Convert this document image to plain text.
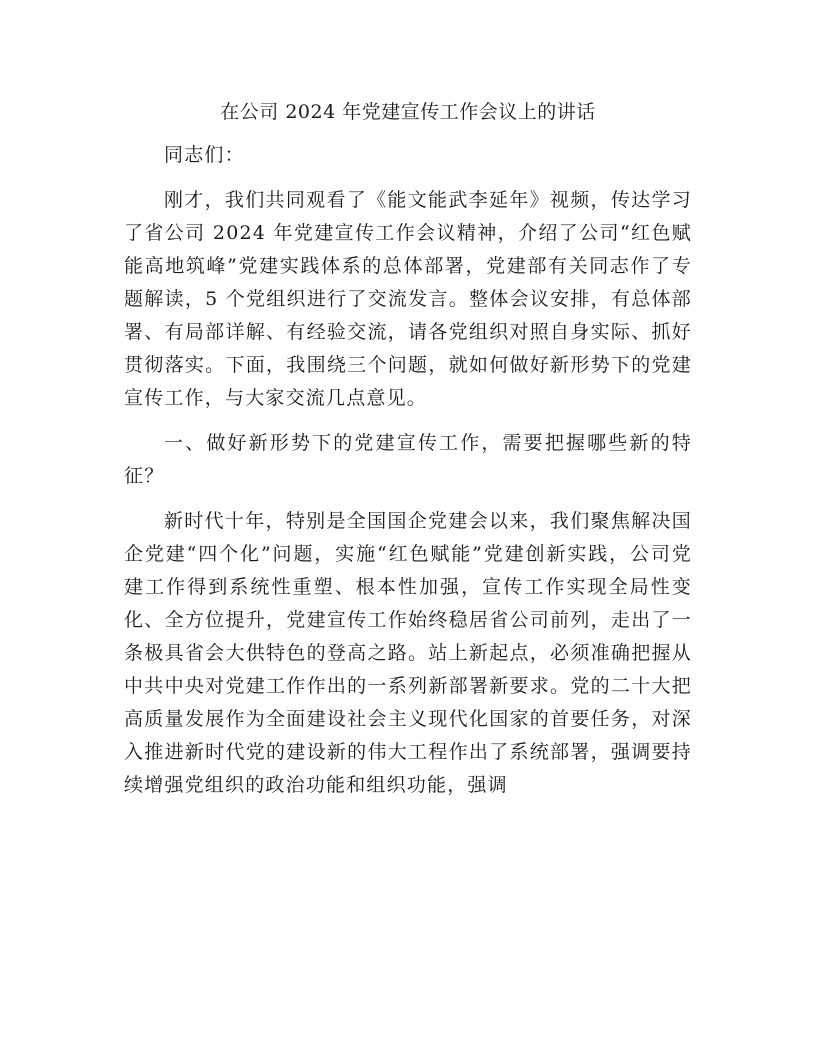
在公司 2024 年党建宣传工作会议上的讲话

同志们：

刚才，我们共同观看了《能文能武李延年》视频，传达学习了省公司 2024 年党建宣传工作会议精神，介绍了公司“红色赋能高地筑峰”党建实践体系的总体部署，党建部有关同志作了专题解读，5 个党组织进行了交流发言。整体会议安排，有总体部署、有局部详解、有经验交流，请各党组织对照自身实际、抓好贯彻落实。下面，我围绕三个问题，就如何做好新形势下的党建宣传工作，与大家交流几点意见。

一、做好新形势下的党建宣传工作，需要把握哪些新的特征？

新时代十年，特别是全国国企党建会以来，我们聚焦解决国企党建“四个化”问题，实施“红色赋能”党建创新实践，公司党建工作得到系统性重塑、根本性加强，宣传工作实现全局性变化、全方位提升，党建宣传工作始终稳居省公司前列，走出了一条极具省会大供特色的登高之路。站上新起点，必须准确把握从中共中央对党建工作作出的一系列新部署新要求。党的二十大把高质量发展作为全面建设社会主义现代化国家的首要任务，对深入推进新时代党的建设新的伟大工程作出了系统部署，强调要持续增强党组织的政治功能和组织功能，强调
